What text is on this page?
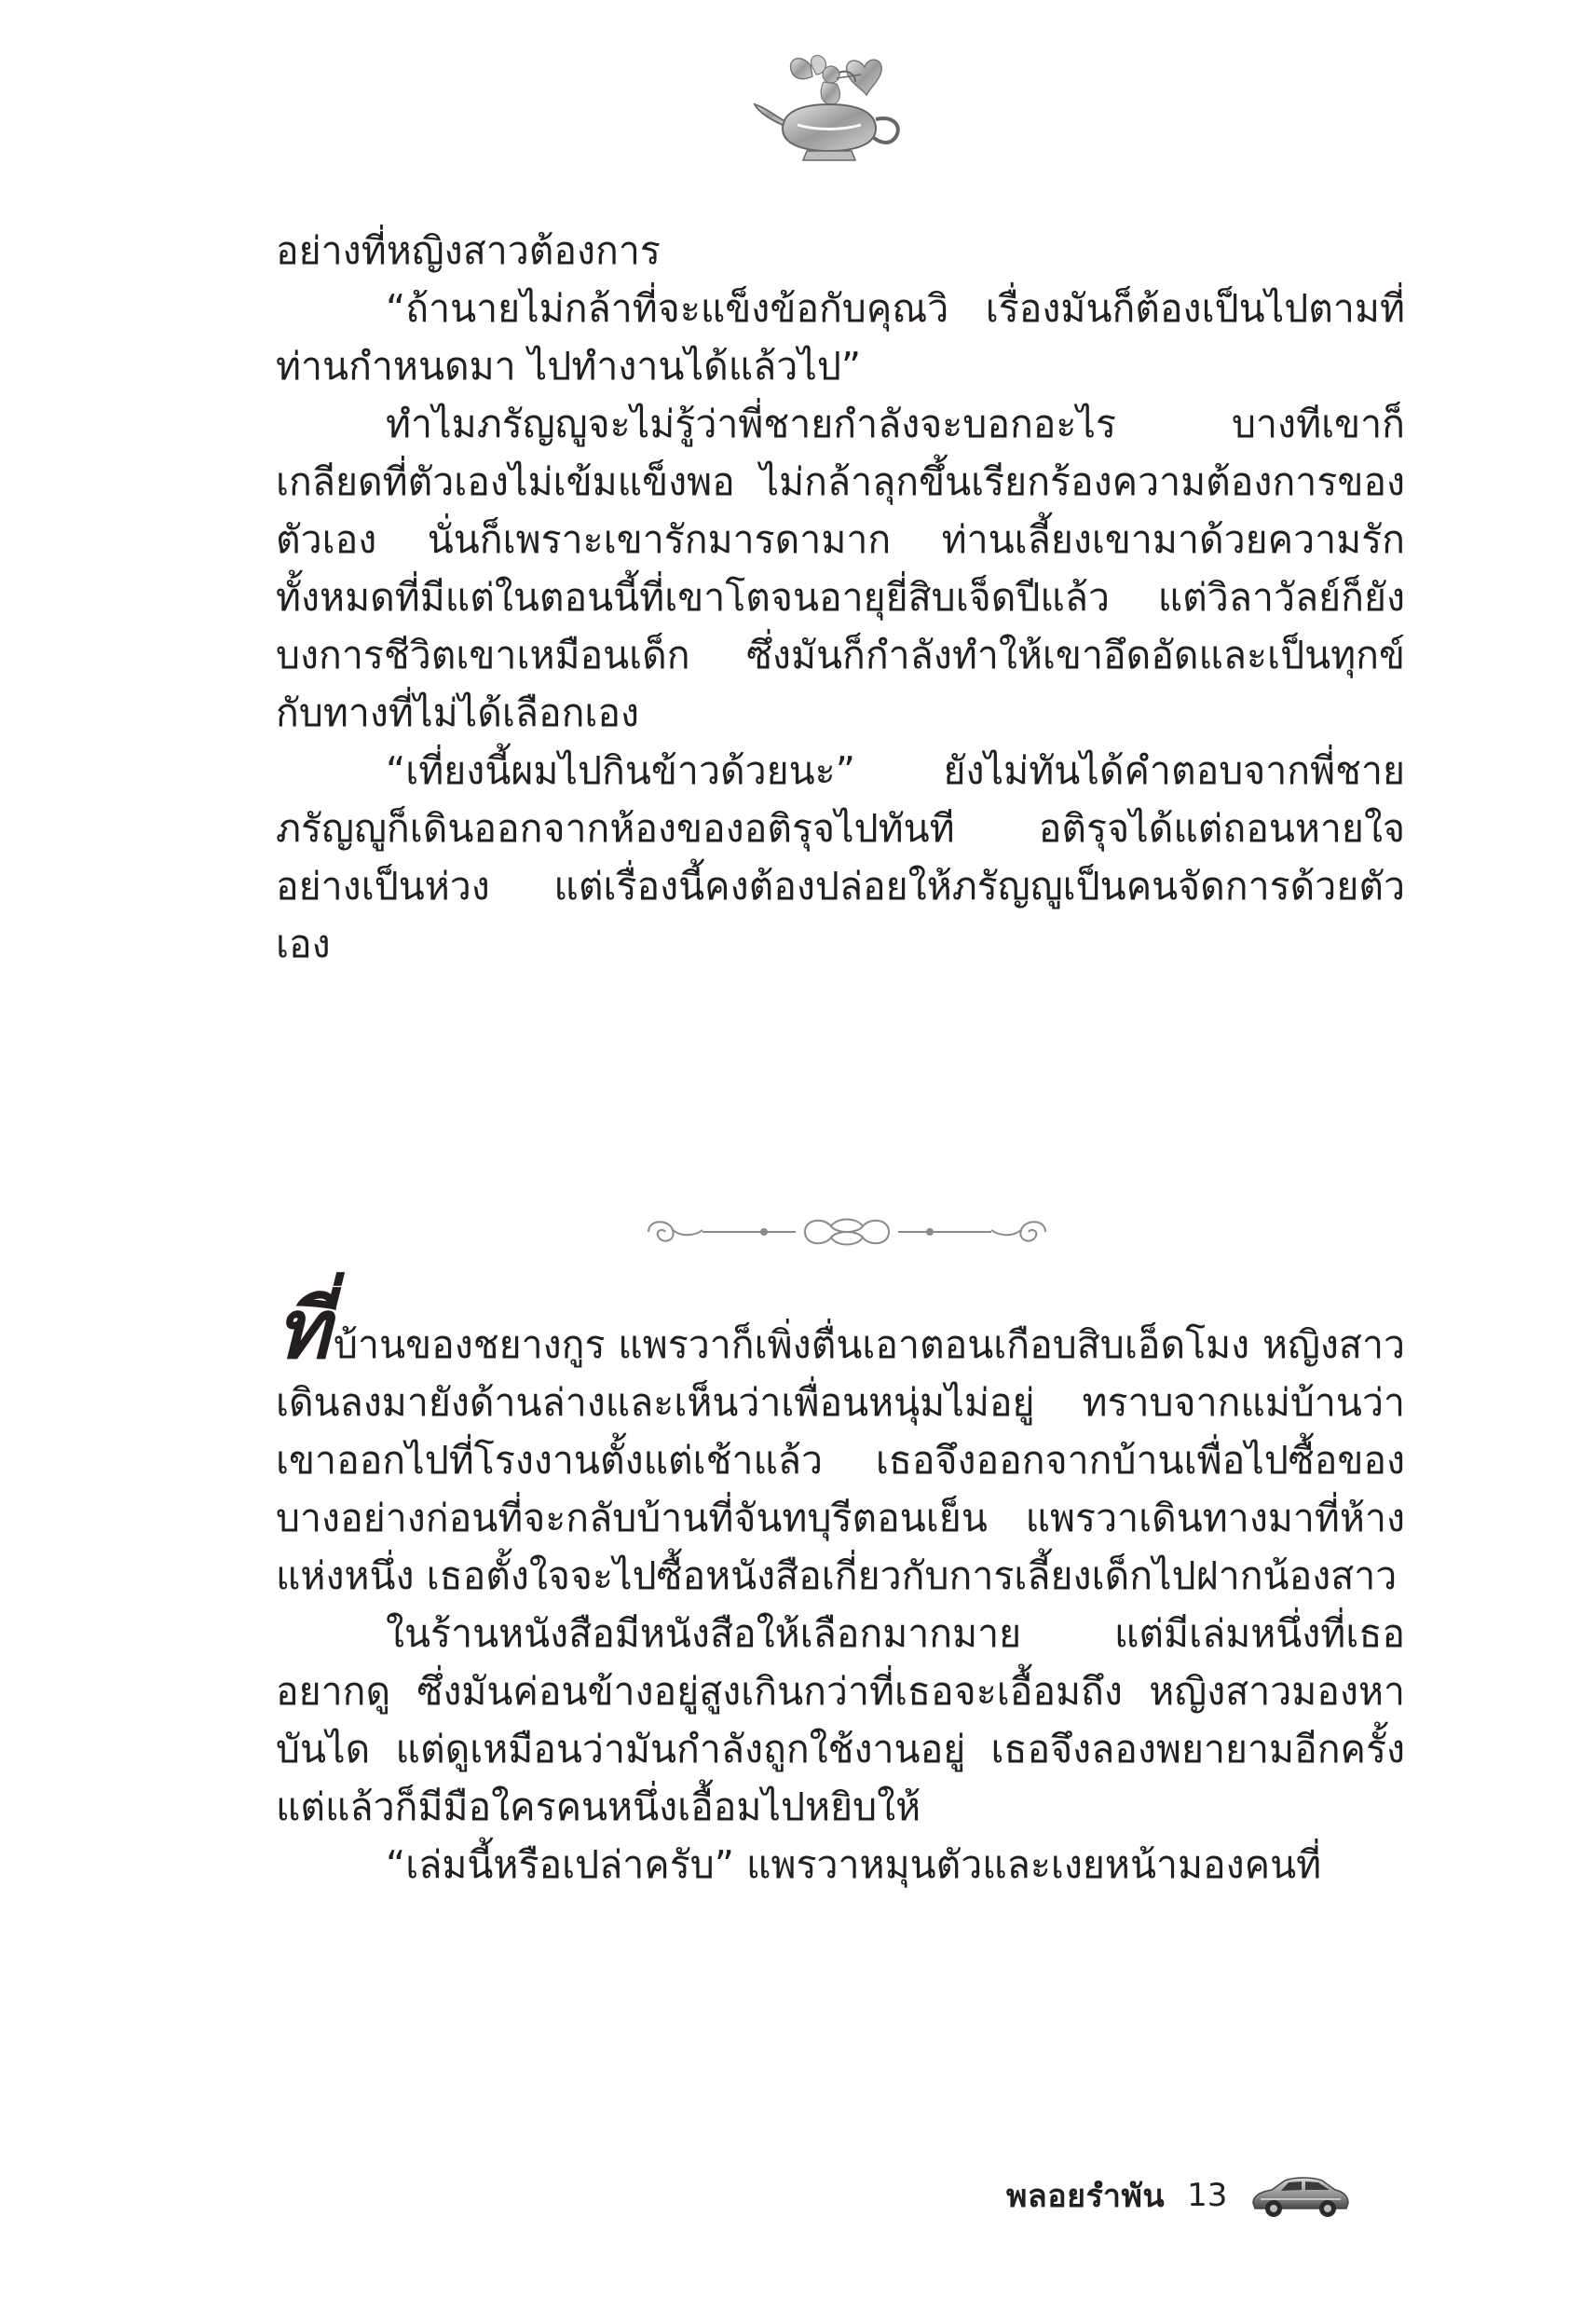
อย่างที่หญิงสาวต้องการ

“ถ้านายไม่กล้าที่จะแข็งข้อกับคุณวิ เรื่องมันก็ต้องเป็นไปตามที่ท่านกำหนดมา ไปทำงานได้แล้วไป”

ทำไมภรัญญูจะไม่รู้ว่าพี่ชายกำลังจะบอกอะไร บางทีเขาก็เกลียดที่ตัวเองไม่เข้มแข็งพอ ไม่กล้าลุกขึ้นเรียกร้องความต้องการของตัวเอง นั่นก็เพราะเขารักมารดามาก ท่านเลี้ยงเขามาด้วยความรักทั้งหมดที่มีแต่ในตอนนี้ที่เขาโตจนอายุยี่สิบเจ็ดปีแล้ว แต่วิลาวัลย์ก็ยังบงการชีวิตเขาเหมือนเด็ก ซึ่งมันก็กำลังทำให้เขาอึดอัดและเป็นทุกข์กับทางที่ไม่ได้เลือกเอง

“เที่ยงนี้ผมไปกินข้าวด้วยนะ” ยังไม่ทันได้คำตอบจากพี่ชายภรัญญูก็เดินออกจากห้องของอติรุจไปทันที อติรุจได้แต่ถอนหายใจอย่างเป็นห่วง แต่เรื่องนี้คงต้องปล่อยให้ภรัญญูเป็นคนจัดการด้วยตัวเอง

ที่บ้านของชยางกูร แพรวาก็เพิ่งตื่นเอาตอนเกือบสิบเอ็ดโมง หญิงสาวเดินลงมายังด้านล่างและเห็นว่าเพื่อนหนุ่มไม่อยู่ ทราบจากแม่บ้านว่าเขาออกไปที่โรงงานตั้งแต่เช้าแล้ว เธอจึงออกจากบ้านเพื่อไปซื้อของบางอย่างก่อนที่จะกลับบ้านที่จันทบุรีตอนเย็น แพรวาเดินทางมาที่ห้างแห่งหนึ่ง เธอตั้งใจจะไปซื้อหนังสือเกี่ยวกับการเลี้ยงเด็กไปฝากน้องสาว

ในร้านหนังสือมีหนังสือให้เลือกมากมาย แต่มีเล่มหนึ่งที่เธออยากดู ซึ่งมันค่อนข้างอยู่สูงเกินกว่าที่เธอจะเอื้อมถึง หญิงสาวมองหาบันได แต่ดูเหมือนว่ามันกำลังถูกใช้งานอยู่ เธอจึงลองพยายามอีกครั้งแต่แล้วก็มีมือใครคนหนึ่งเอื้อมไปหยิบให้

“เล่มนี้หรือเปล่าครับ” แพรวาหมุนตัวและเงยหน้ามองคนที่

พลอยรำพัน 13
